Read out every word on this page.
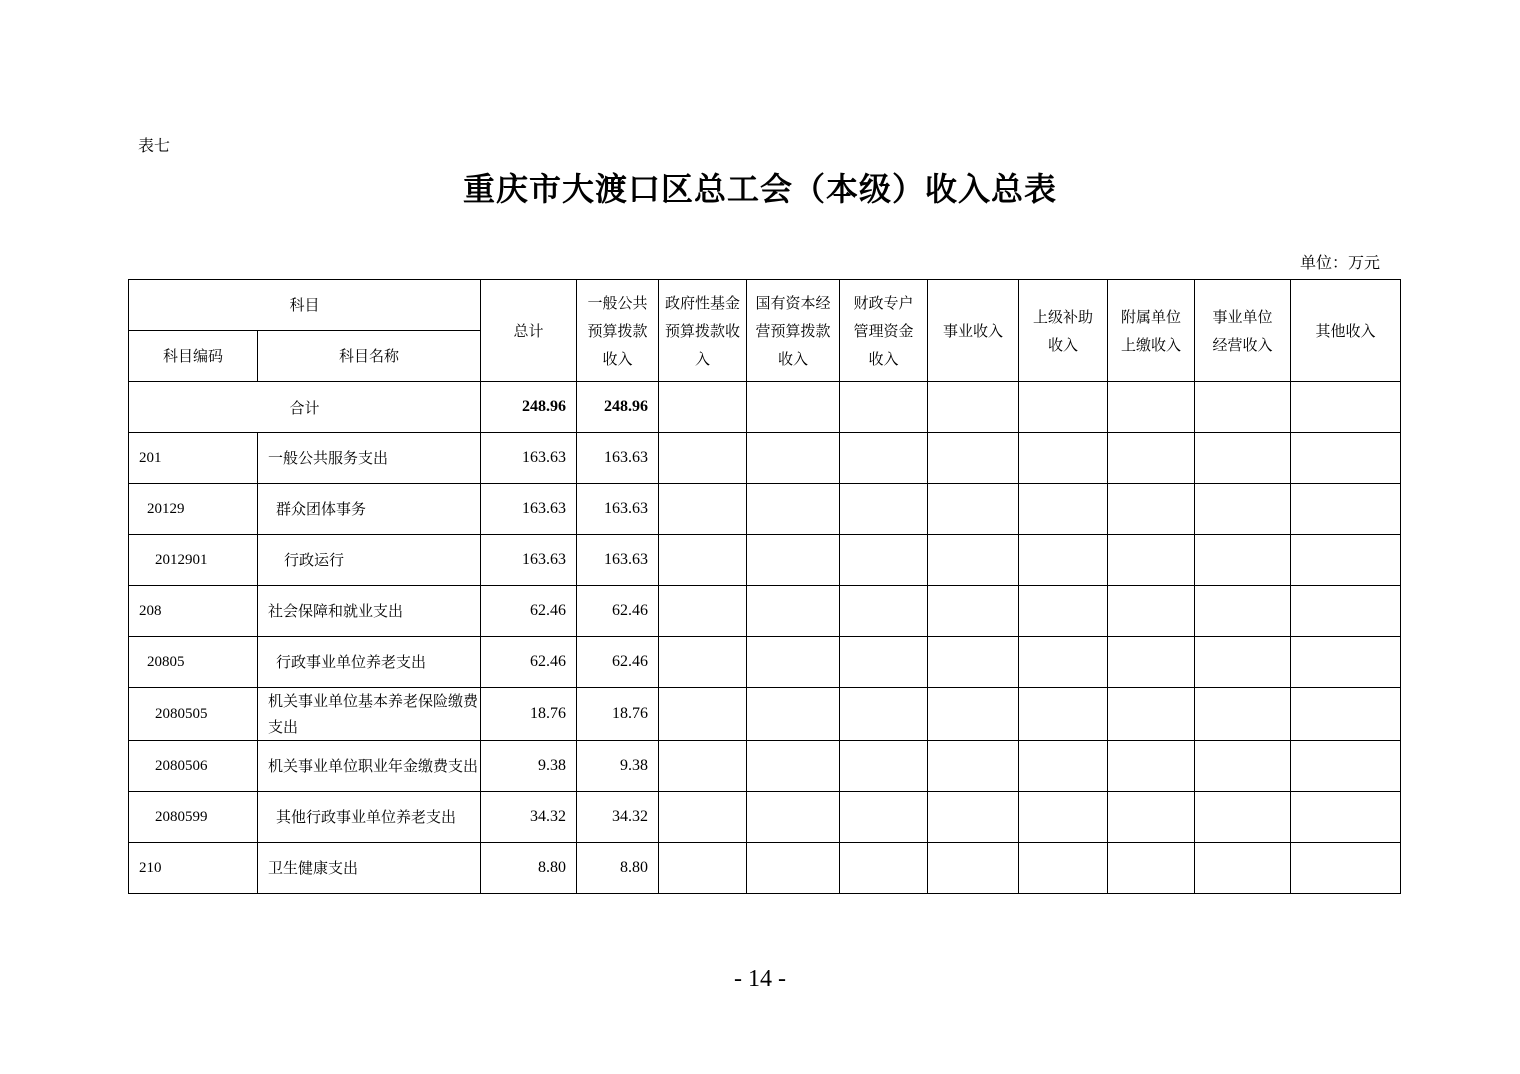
表七
重庆市大渡口区总工会（本级）收入总表
单位：万元
科目		总计	一般公共预算拨款收入	政府性基金预算拨款收入	国有资本经营预算拨款收入	财政专户管理资金收入	事业收入	上级补助收入	附属单位上缴收入	事业单位经营收入	其他收入
科目编码	科目名称										
合计		248.96	248.96								
201	一般公共服务支出	163.63	163.63								
20129	群众团体事务	163.63	163.63								
2012901	行政运行	163.63	163.63								
208	社会保障和就业支出	62.46	62.46								
20805	行政事业单位养老支出	62.46	62.46								
2080505	机关事业单位基本养老保险缴费支出	18.76	18.76								
2080506	机关事业单位职业年金缴费支出	9.38	9.38								
2080599	其他行政事业单位养老支出	34.32	34.32								
210	卫生健康支出	8.80	8.80								
- 14 -
